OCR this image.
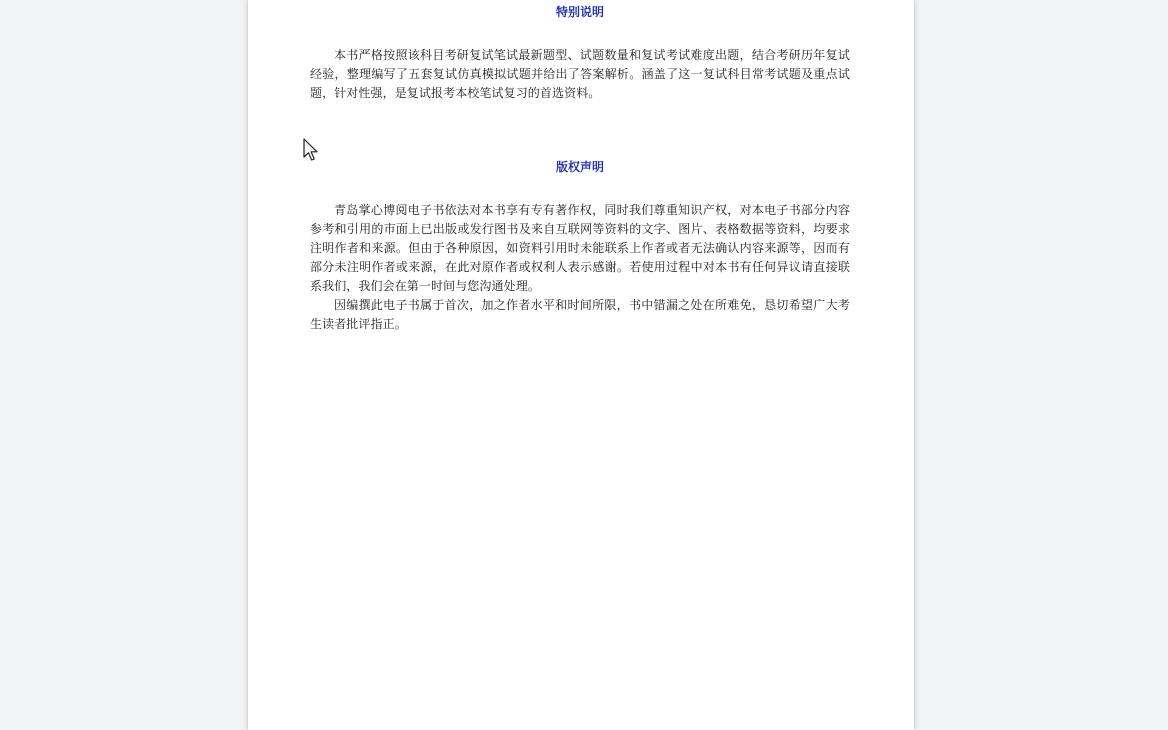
特别说明

本书严格按照该科目考研复试笔试最新题型、试题数量和复试考试难度出题，结合考研历年复试经验，整理编写了五套复试仿真模拟试题并给出了答案解析。涵盖了这一复试科目常考试题及重点试题，针对性强，是复试报考本校笔试复习的首选资料。

版权声明

青岛掌心博阅电子书依法对本书享有专有著作权，同时我们尊重知识产权，对本电子书部分内容参考和引用的市面上已出版或发行图书及来自互联网等资料的文字、图片、表格数据等资料，均要求注明作者和来源。但由于各种原因，如资料引用时未能联系上作者或者无法确认内容来源等，因而有部分未注明作者或来源，在此对原作者或权利人表示感谢。若使用过程中对本书有任何异议请直接联系我们，我们会在第一时间与您沟通处理。

因编撰此电子书属于首次，加之作者水平和时间所限，书中错漏之处在所难免，恳切希望广大考生读者批评指正。
